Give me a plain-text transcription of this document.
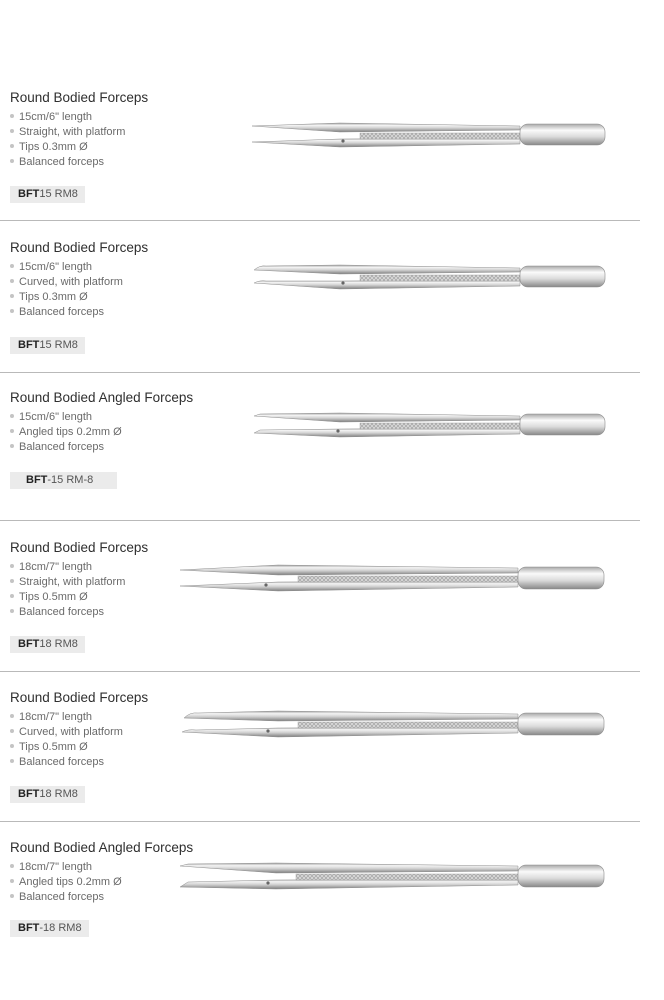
Round Bodied Forceps
15cm/6" length
Straight, with platform
Tips 0.3mm Ø
Balanced forceps
BFT15 RM8
Round Bodied Forceps
15cm/6" length
Curved, with platform
Tips 0.3mm Ø
Balanced forceps
BFT15 RM8
Round Bodied Angled Forceps
15cm/6" length
Angled tips 0.2mm Ø
Balanced forceps
BFT-15 RM-8
Round Bodied Forceps
18cm/7" length
Straight, with platform
Tips 0.5mm Ø
Balanced forceps
BFT18 RM8
Round Bodied Forceps
18cm/7" length
Curved, with platform
Tips 0.5mm Ø
Balanced forceps
BFT18 RM8
Round Bodied Angled Forceps
18cm/7" length
Angled tips 0.2mm Ø
Balanced forceps
BFT-18 RM8
